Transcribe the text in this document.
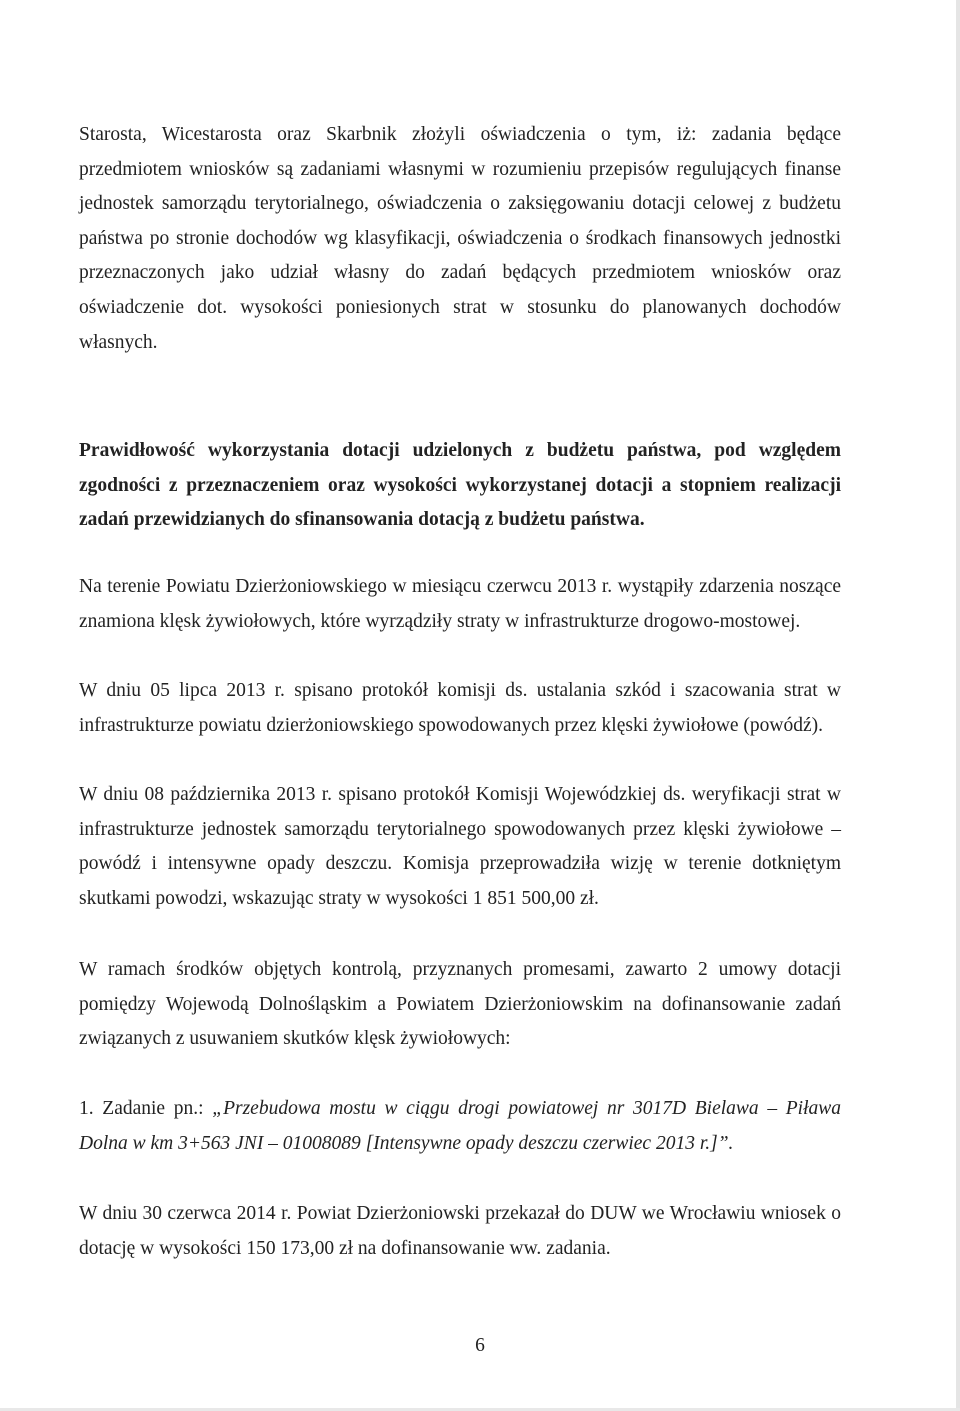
Starosta, Wicestarosta oraz Skarbnik złożyli oświadczenia o tym, iż: zadania będące przedmiotem wniosków są zadaniami własnymi w rozumieniu przepisów regulujących finanse jednostek samorządu terytorialnego, oświadczenia o zaksięgowaniu dotacji celowej z budżetu państwa po stronie dochodów wg klasyfikacji, oświadczenia o środkach finansowych jednostki przeznaczonych jako udział własny do zadań będących przedmiotem wniosków oraz oświadczenie dot. wysokości poniesionych strat w stosunku do planowanych dochodów własnych.

Prawidłowość wykorzystania dotacji udzielonych z budżetu państwa, pod względem zgodności z przeznaczeniem oraz wysokości wykorzystanej dotacji a stopniem realizacji zadań przewidzianych do sfinansowania dotacją z budżetu państwa.

Na terenie Powiatu Dzierżoniowskiego w miesiącu czerwcu 2013 r. wystąpiły zdarzenia noszące znamiona klęsk żywiołowych, które wyrządziły straty w infrastrukturze drogowo-mostowej.

W dniu 05 lipca 2013 r. spisano protokół komisji ds. ustalania szkód i szacowania strat w infrastrukturze powiatu dzierżoniowskiego spowodowanych przez klęski żywiołowe (powódź).

W dniu 08 października 2013 r. spisano protokół Komisji Wojewódzkiej ds. weryfikacji strat w infrastrukturze jednostek samorządu terytorialnego spowodowanych przez klęski żywiołowe – powódź i intensywne opady deszczu. Komisja przeprowadziła wizję w terenie dotkniętym skutkami powodzi, wskazując straty w wysokości 1 851 500,00 zł.

W ramach środków objętych kontrolą, przyznanych promesami, zawarto 2 umowy dotacji pomiędzy Wojewodą Dolnośląskim a Powiatem Dzierżoniowskim na dofinansowanie zadań związanych z usuwaniem skutków klęsk żywiołowych:

1. Zadanie pn.: „Przebudowa mostu w ciągu drogi powiatowej nr 3017D Bielawa – Piława Dolna w km 3+563 JNI – 01008089 [Intensywne opady deszczu czerwiec 2013 r.]”.

W dniu 30 czerwca 2014 r. Powiat Dzierżoniowski przekazał do DUW we Wrocławiu wniosek o dotację w wysokości 150 173,00 zł na dofinansowanie ww. zadania.

6
